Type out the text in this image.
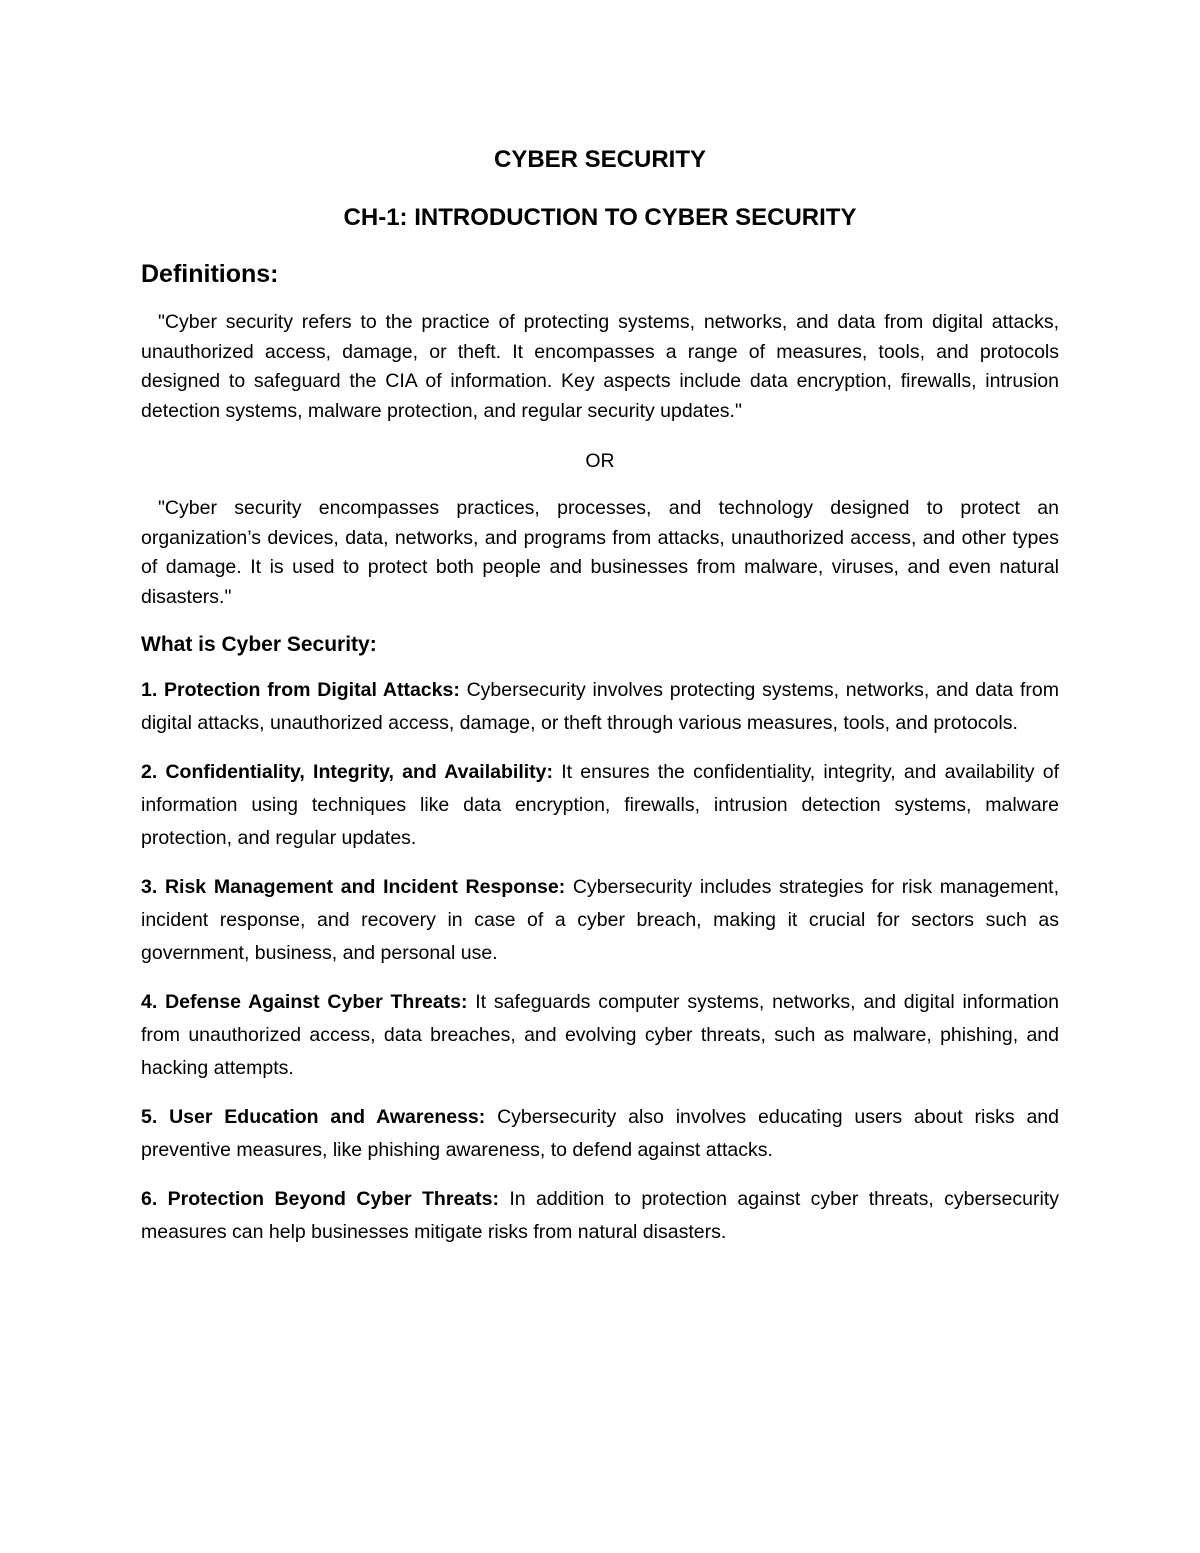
CYBER SECURITY
CH-1: INTRODUCTION TO CYBER SECURITY
Definitions:

"Cyber security refers to the practice of protecting systems, networks, and data from digital attacks, unauthorized access, damage, or theft. It encompasses a range of measures, tools, and protocols designed to safeguard the CIA of information. Key aspects include data encryption, firewalls, intrusion detection systems, malware protection, and regular security updates."

OR

"Cyber security encompasses practices, processes, and technology designed to protect an organization’s devices, data, networks, and programs from attacks, unauthorized access, and other types of damage. It is used to protect both people and businesses from malware, viruses, and even natural disasters."

What is Cyber Security:

1. Protection from Digital Attacks: Cybersecurity involves protecting systems, networks, and data from digital attacks, unauthorized access, damage, or theft through various measures, tools, and protocols.

2. Confidentiality, Integrity, and Availability: It ensures the confidentiality, integrity, and availability of information using techniques like data encryption, firewalls, intrusion detection systems, malware protection, and regular updates.

3. Risk Management and Incident Response: Cybersecurity includes strategies for risk management, incident response, and recovery in case of a cyber breach, making it crucial for sectors such as government, business, and personal use.

4. Defense Against Cyber Threats: It safeguards computer systems, networks, and digital information from unauthorized access, data breaches, and evolving cyber threats, such as malware, phishing, and hacking attempts.

5. User Education and Awareness: Cybersecurity also involves educating users about risks and preventive measures, like phishing awareness, to defend against attacks.

6. Protection Beyond Cyber Threats: In addition to protection against cyber threats, cybersecurity measures can help businesses mitigate risks from natural disasters.
